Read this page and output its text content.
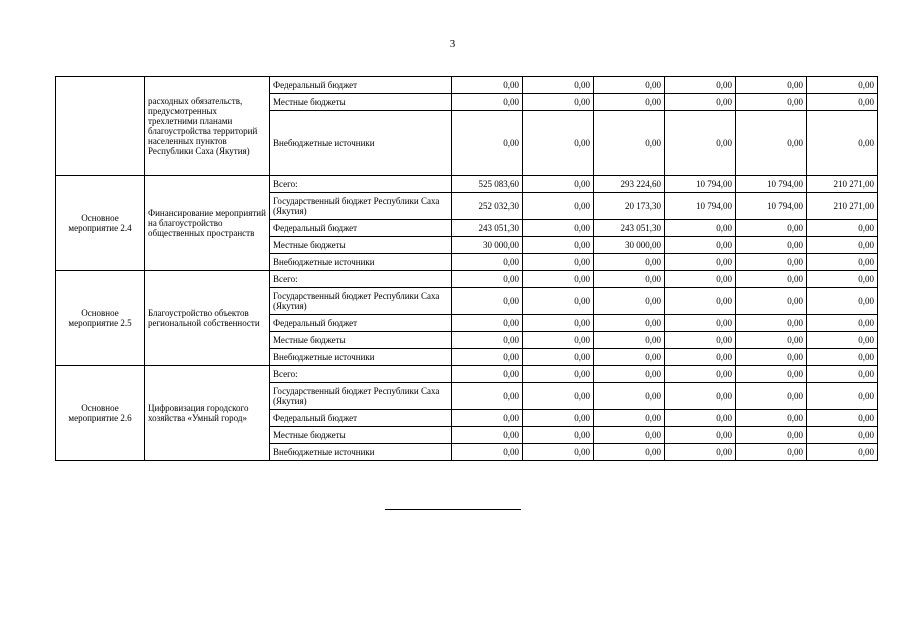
3
	расходных обязательств, предусмотренных трехлетними планами благоустройства территорий населенных пунктов Республики Саха (Якутия)	Федеральный бюджет	0,00	0,00	0,00	0,00	0,00	0,00
		Местные бюджеты	0,00	0,00	0,00	0,00	0,00	0,00
		Внебюджетные источники	0,00	0,00	0,00	0,00	0,00	0,00
Основное мероприятие 2.4	Финансирование мероприятий на благоустройство общественных пространств	Всего:	525 083,60	0,00	293 224,60	10 794,00	10 794,00	210 271,00
		Государственный бюджет Республики Саха (Якутия)	252 032,30	0,00	20 173,30	10 794,00	10 794,00	210 271,00
		Федеральный бюджет	243 051,30	0,00	243 051,30	0,00	0,00	0,00
		Местные бюджеты	30 000,00	0,00	30 000,00	0,00	0,00	0,00
		Внебюджетные источники	0,00	0,00	0,00	0,00	0,00	0,00
Основное мероприятие 2.5	Благоустройство объектов региональной собственности	Всего:	0,00	0,00	0,00	0,00	0,00	0,00
		Государственный бюджет Республики Саха (Якутия)	0,00	0,00	0,00	0,00	0,00	0,00
		Федеральный бюджет	0,00	0,00	0,00	0,00	0,00	0,00
		Местные бюджеты	0,00	0,00	0,00	0,00	0,00	0,00
		Внебюджетные источники	0,00	0,00	0,00	0,00	0,00	0,00
Основное мероприятие 2.6	Цифровизация городского хозяйства «Умный город»	Всего:	0,00	0,00	0,00	0,00	0,00	0,00
		Государственный бюджет Республики Саха (Якутия)	0,00	0,00	0,00	0,00	0,00	0,00
		Федеральный бюджет	0,00	0,00	0,00	0,00	0,00	0,00
		Местные бюджеты	0,00	0,00	0,00	0,00	0,00	0,00
		Внебюджетные источники	0,00	0,00	0,00	0,00	0,00	0,00
